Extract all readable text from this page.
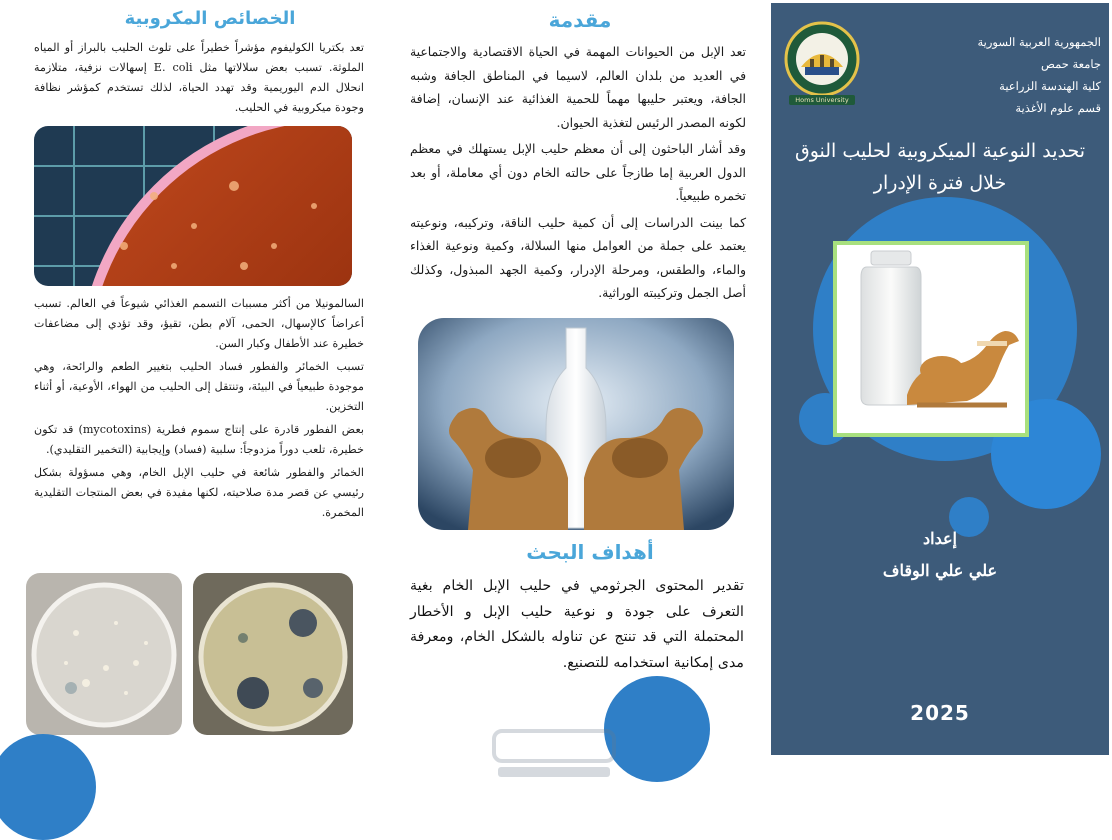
الخصائص المكروبية
تعد بكتريا الكوليفوم مؤشراً خطيراً على تلوث الحليب بالبراز أو المياه الملوثة. تسبب بعض سلالاتها مثل E. coli إسهالات نزفية، متلازمة انحلال الدم اليوريمية وقد تهدد الحياة، لذلك تستخدم كمؤشر نظافة وجودة ميكروبية في الحليب.

السالمونيلا من أكثر مسببات التسمم الغذائي شيوعاً في العالم. تسبب أعراضاً كالإسهال، الحمى، آلام بطن، تقيؤ، وقد تؤدي إلى مضاعفات خطيرة عند الأطفال وكبار السن.

تسبب الخمائر والفطور فساد الحليب بتغيير الطعم والرائحة، وهي موجودة طبيعياً في البيئة، وتنتقل إلى الحليب من الهواء، الأوعية، أو أثناء التخزين.

بعض الفطور قادرة على إنتاج سموم فطرية (mycotoxins) قد تكون خطيرة، تلعب دوراً مزدوجاً: سلبية (فساد) وإيجابية (التخمير التقليدي).

الخمائر والفطور شائعة في حليب الإبل الخام، وهي مسؤولة بشكل رئيسي عن قصر مدة صلاحيته، لكنها مفيدة في بعض المنتجات التقليدية المخمرة.

مقدمة

تعد الإبل من الحيوانات المهمة في الحياة الاقتصادية والاجتماعية في العديد من بلدان العالم، لاسيما في المناطق الجافة وشبه الجافة، ويعتبر حليبها مهماً للحمية الغذائية عند الإنسان، إضافة لكونه المصدر الرئيس لتغذية الحيوان.

وقد أشار الباحثون إلى أن معظم حليب الإبل يستهلك في معظم الدول العربية إما طازجاً على حالته الخام دون أي معاملة، أو بعد تخمره طبيعياً.

كما بينت الدراسات إلى أن كمية حليب الناقة، وتركيبه، ونوعيته يعتمد على جملة من العوامل منها السلالة، وكمية ونوعية الغذاء والماء، والطقس، ومرحلة الإدرار، وكمية الجهد المبذول، وكذلك أصل الجمل وتركيبته الوراثية.

أهداف البحث
تقدير المحتوى الجرثومي في حليب الإبل الخام بغية التعرف على جودة و نوعية حليب الإبل و الأخطار المحتملة التي قد تنتج عن تناوله بالشكل الخام، ومعرفة مدى إمكانية استخدامه للتصنيع.
Homs University
الجمهورية العربية السورية
جامعة حمص
كلية الهندسة الزراعية
قسم علوم الأغذية
تحديد النوعية الميكروبية لحليب النوق خلال فترة الإدرار
إعداد
علي علي الوقاف
2025
